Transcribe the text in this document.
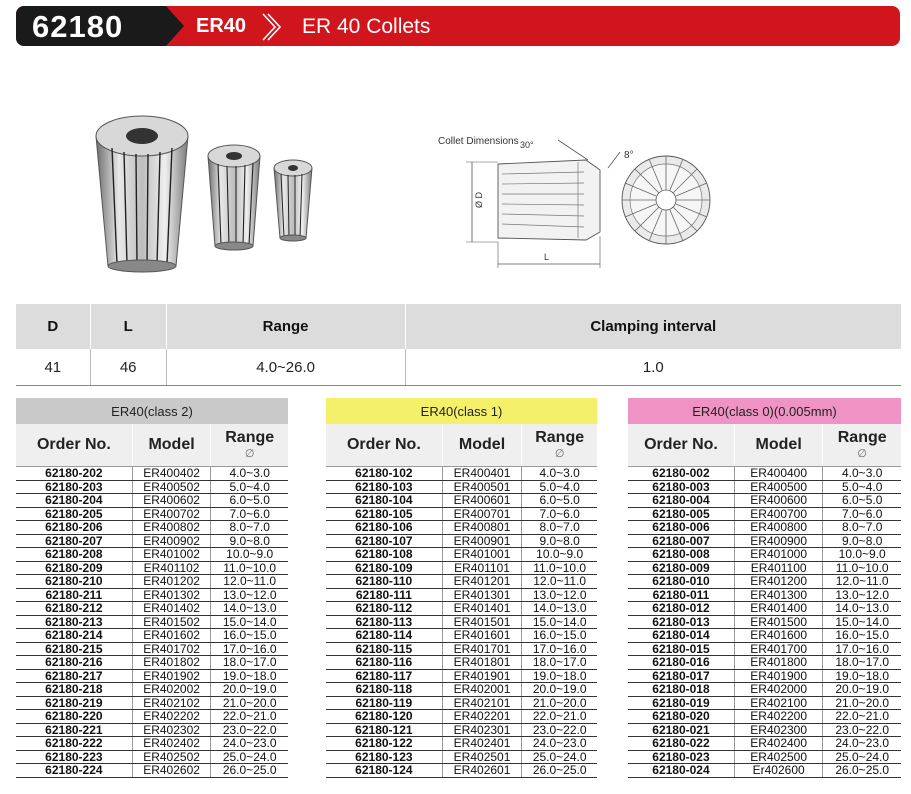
62180	ER40	ER 40 Collets
Collet Dimensions 30°
8°
Ø D
L
D	L	Range	Clamping interval
41	46	4.0~26.0	1.0
ER40(class 2)		
Order No.	Model	Range
∅

62180-202	ER400402	4.0~3.0
62180-203	ER400502	5.0~4.0
62180-204	ER400602	6.0~5.0
62180-205	ER400702	7.0~6.0
62180-206	ER400802	8.0~7.0
62180-207	ER400902	9.0~8.0
62180-208	ER401002	10.0~9.0
62180-209	ER401102	11.0~10.0
62180-210	ER401202	12.0~11.0
62180-211	ER401302	13.0~12.0
62180-212	ER401402	14.0~13.0
62180-213	ER401502	15.0~14.0
62180-214	ER401602	16.0~15.0
62180-215	ER401702	17.0~16.0
62180-216	ER401802	18.0~17.0
62180-217	ER401902	19.0~18.0
62180-218	ER402002	20.0~19.0
62180-219	ER402102	21.0~20.0
62180-220	ER402202	22.0~21.0
62180-221	ER402302	23.0~22.0
62180-222	ER402402	24.0~23.0
62180-223	ER402502	25.0~24.0
62180-224	ER402602	26.0~25.0
ER40(class 1)		
Order No.	Model	Range
∅

62180-102	ER400401	4.0~3.0
62180-103	ER400501	5.0~4.0
62180-104	ER400601	6.0~5.0
62180-105	ER400701	7.0~6.0
62180-106	ER400801	8.0~7.0
62180-107	ER400901	9.0~8.0
62180-108	ER401001	10.0~9.0
62180-109	ER401101	11.0~10.0
62180-110	ER401201	12.0~11.0
62180-111	ER401301	13.0~12.0
62180-112	ER401401	14.0~13.0
62180-113	ER401501	15.0~14.0
62180-114	ER401601	16.0~15.0
62180-115	ER401701	17.0~16.0
62180-116	ER401801	18.0~17.0
62180-117	ER401901	19.0~18.0
62180-118	ER402001	20.0~19.0
62180-119	ER402101	21.0~20.0
62180-120	ER402201	22.0~21.0
62180-121	ER402301	23.0~22.0
62180-122	ER402401	24.0~23.0
62180-123	ER402501	25.0~24.0
62180-124	ER402601	26.0~25.0
ER40(class 0)(0.005mm)		
Order No.	Model	Range
∅

62180-002	ER400400	4.0~3.0
62180-003	ER400500	5.0~4.0
62180-004	ER400600	6.0~5.0
62180-005	ER400700	7.0~6.0
62180-006	ER400800	8.0~7.0
62180-007	ER400900	9.0~8.0
62180-008	ER401000	10.0~9.0
62180-009	ER401100	11.0~10.0
62180-010	ER401200	12.0~11.0
62180-011	ER401300	13.0~12.0
62180-012	ER401400	14.0~13.0
62180-013	ER401500	15.0~14.0
62180-014	ER401600	16.0~15.0
62180-015	ER401700	17.0~16.0
62180-016	ER401800	18.0~17.0
62180-017	ER401900	19.0~18.0
62180-018	ER402000	20.0~19.0
62180-019	ER402100	21.0~20.0
62180-020	ER402200	22.0~21.0
62180-021	ER402300	23.0~22.0
62180-022	ER402400	24.0~23.0
62180-023	ER402500	25.0~24.0
62180-024	Er402600	26.0~25.0
